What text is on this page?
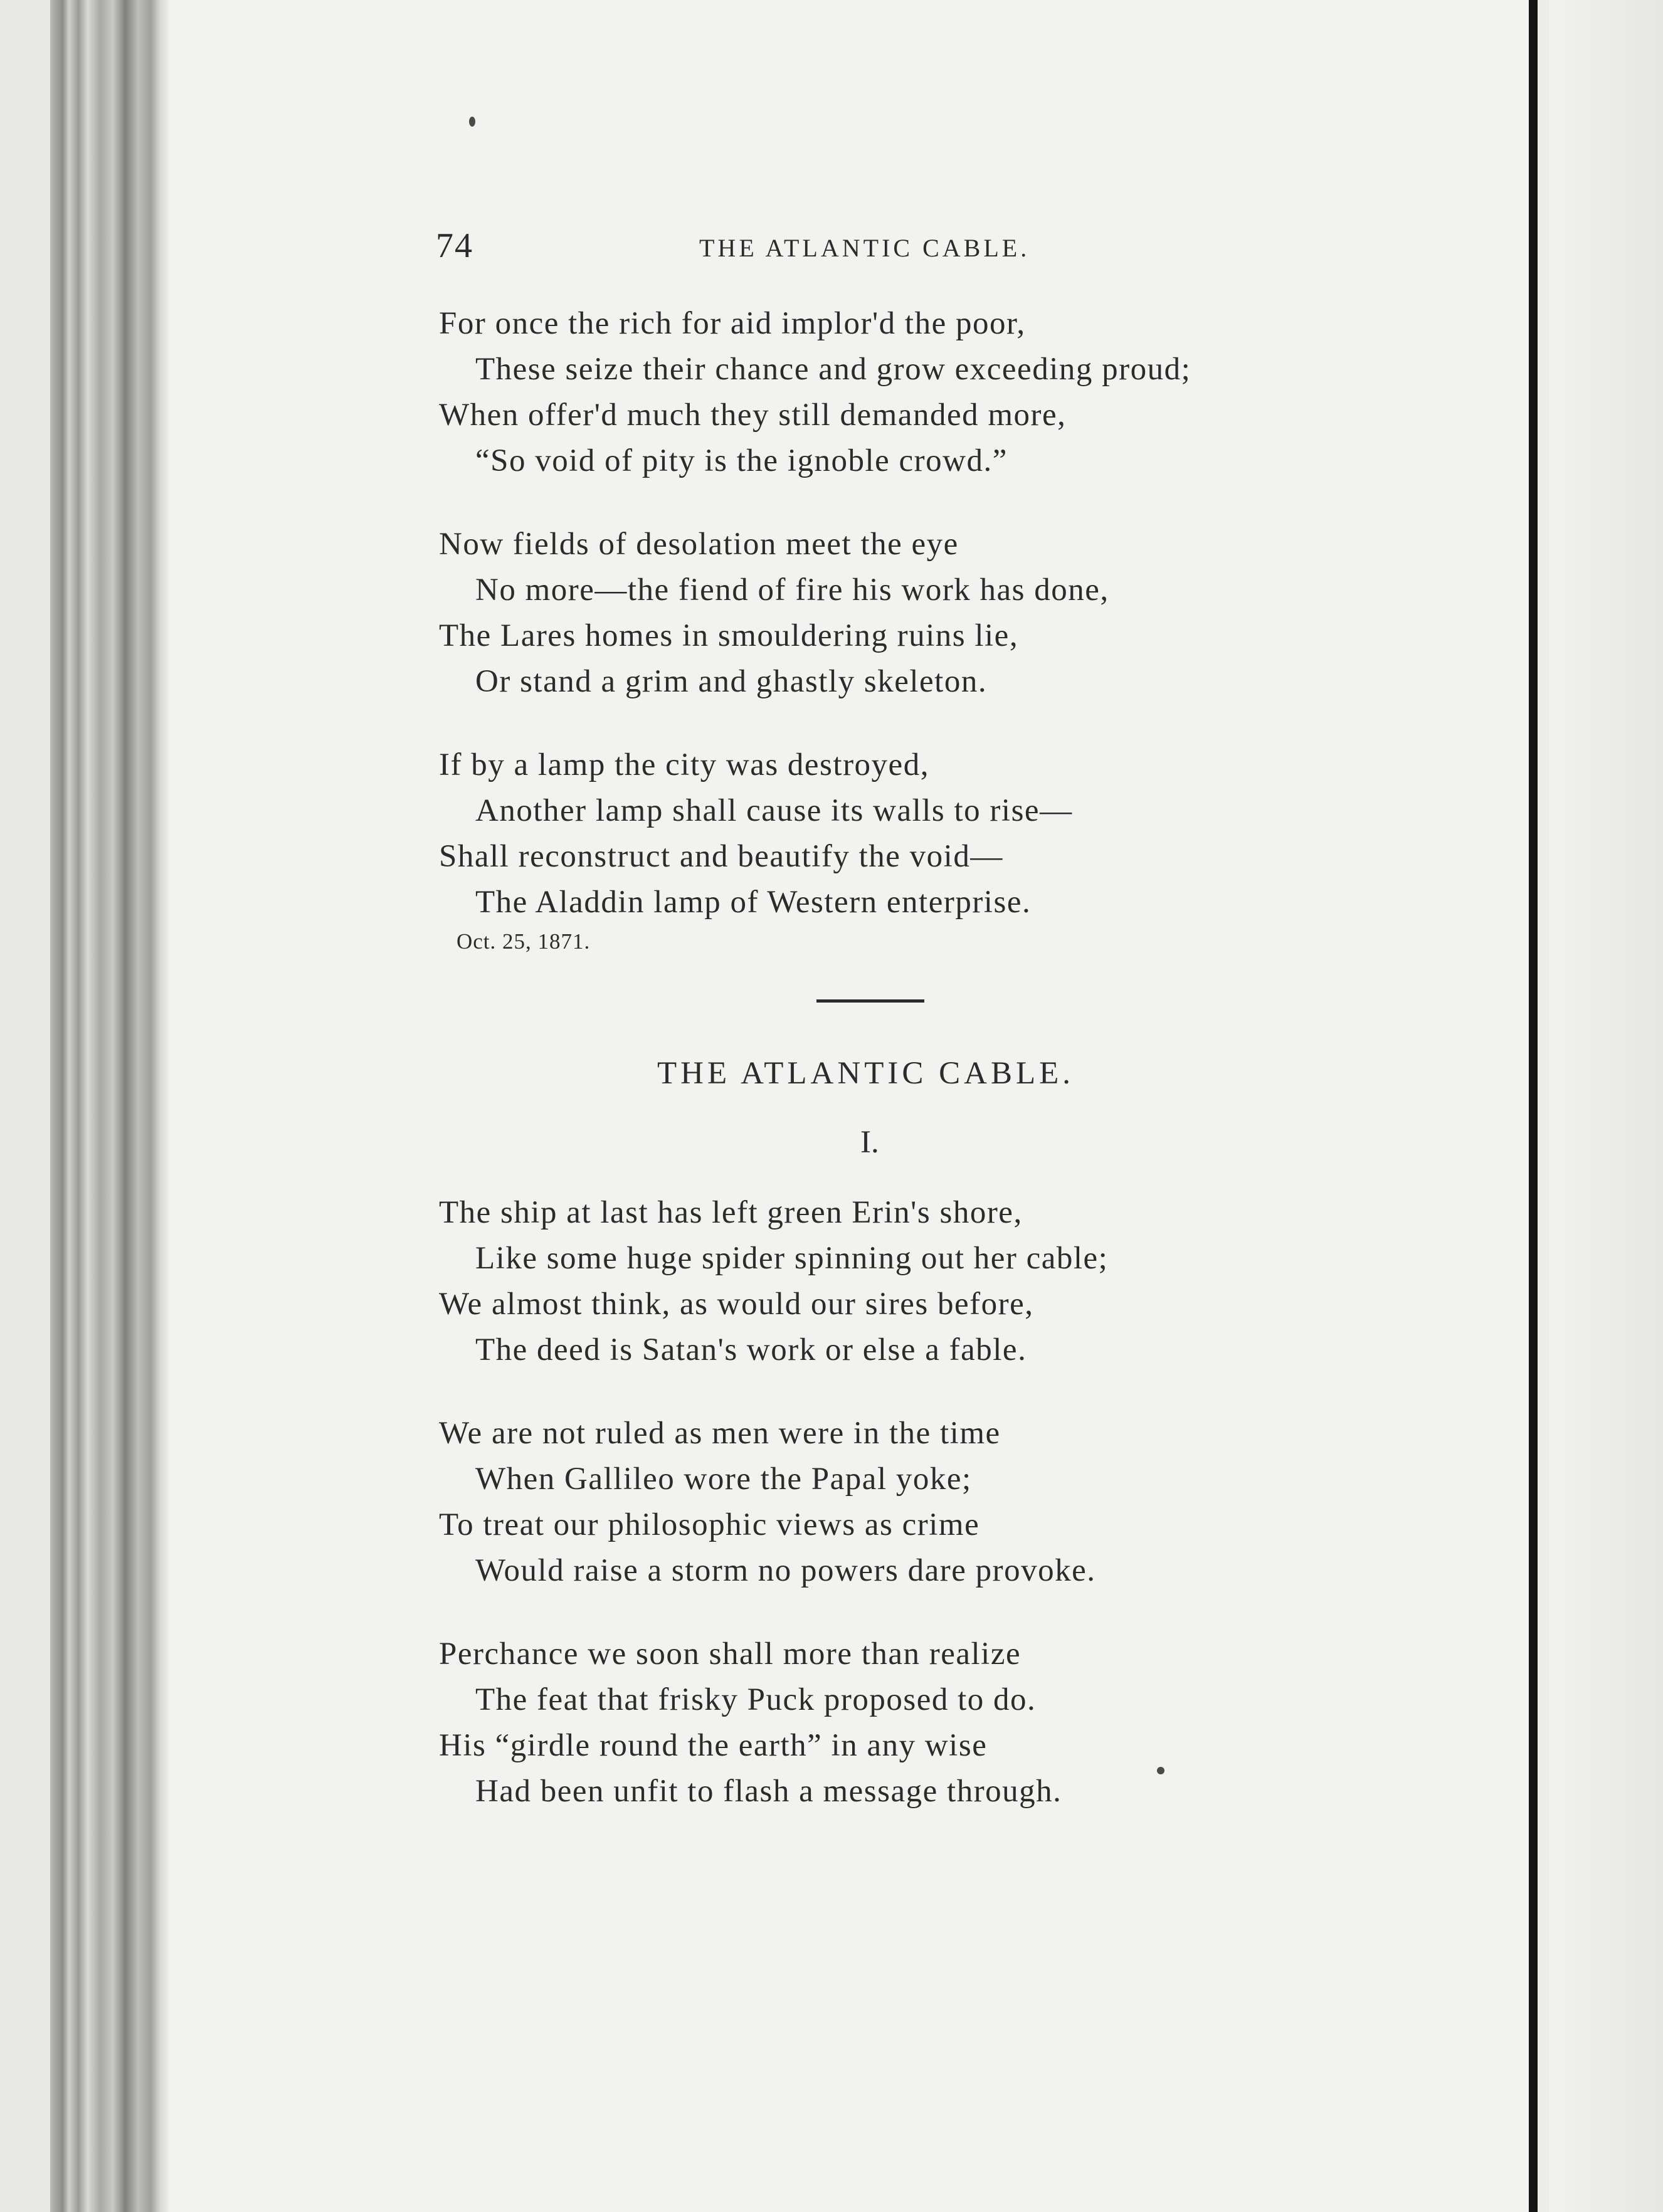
74	THE ATLANTIC CABLE.
For once the rich for aid implor'd the poor,
These seize their chance and grow exceeding proud;
When offer'd much they still demanded more,
“So void of pity is the ignoble crowd.”
Now fields of desolation meet the eye
No more—the fiend of fire his work has done,
The Lares homes in smouldering ruins lie,
Or stand a grim and ghastly skeleton.
If by a lamp the city was destroyed,
Another lamp shall cause its walls to rise—
Shall reconstruct and beautify the void—
The Aladdin lamp of Western enterprise.
Oct. 25, 1871.
THE ATLANTIC CABLE.
I.
The ship at last has left green Erin's shore,
Like some huge spider spinning out her cable;
We almost think, as would our sires before,
The deed is Satan's work or else a fable.
We are not ruled as men were in the time
When Gallileo wore the Papal yoke;
To treat our philosophic views as crime
Would raise a storm no powers dare provoke.
Perchance we soon shall more than realize
The feat that frisky Puck proposed to do.
His “girdle round the earth” in any wise
Had been unfit to flash a message through.
